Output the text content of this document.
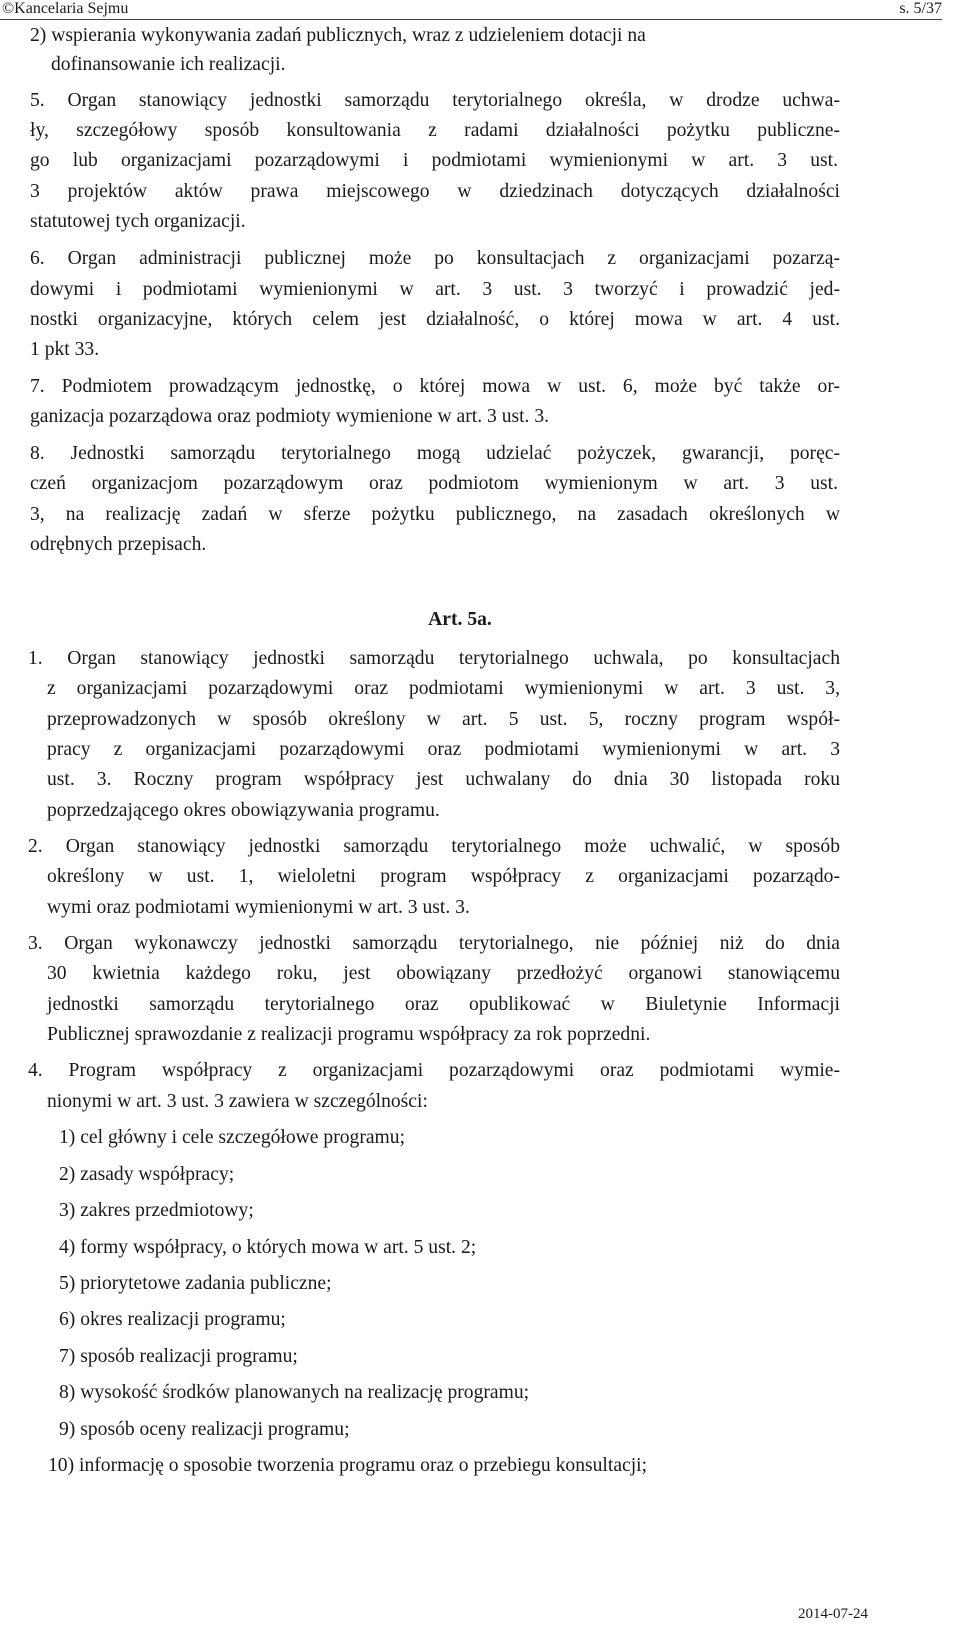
©Kancelaria Sejmu	s. 5/37
2) wspierania wykonywania zadań publicznych, wraz z udzieleniem dotacji na
dofinansowanie ich realizacji.
5. Organ stanowiący jednostki samorządu terytorialnego określa, w drodze uchwa-
ły, szczegółowy sposób konsultowania z radami działalności pożytku publiczne-
go lub organizacjami pozarządowymi i podmiotami wymienionymi w art. 3 ust.
3 projektów aktów prawa miejscowego w dziedzinach dotyczących działalności
statutowej tych organizacji.
6. Organ administracji publicznej może po konsultacjach z organizacjami pozarzą-
dowymi i podmiotami wymienionymi w art. 3 ust. 3 tworzyć i prowadzić jed-
nostki organizacyjne, których celem jest działalność, o której mowa w art. 4 ust.
1 pkt 33.
7. Podmiotem prowadzącym jednostkę, o której mowa w ust. 6, może być także or-
ganizacja pozarządowa oraz podmioty wymienione w art. 3 ust. 3.
8. Jednostki samorządu terytorialnego mogą udzielać pożyczek, gwarancji, poręc-
czeń organizacjom pozarządowym oraz podmiotom wymienionym w art. 3 ust.
3, na realizację zadań w sferze pożytku publicznego, na zasadach określonych w
odrębnych przepisach.
Art. 5a.
1. Organ stanowiący jednostki samorządu terytorialnego uchwala, po konsultacjach
z organizacjami pozarządowymi oraz podmiotami wymienionymi w art. 3 ust. 3,
przeprowadzonych w sposób określony w art. 5 ust. 5, roczny program współ-
pracy z organizacjami pozarządowymi oraz podmiotami wymienionymi w art. 3
ust. 3. Roczny program współpracy jest uchwalany do dnia 30 listopada roku
poprzedzającego okres obowiązywania programu.
2. Organ stanowiący jednostki samorządu terytorialnego może uchwalić, w sposób
określony w ust. 1, wieloletni program współpracy z organizacjami pozarządo-
wymi oraz podmiotami wymienionymi w art. 3 ust. 3.
3. Organ wykonawczy jednostki samorządu terytorialnego, nie później niż do dnia
30 kwietnia każdego roku, jest obowiązany przedłożyć organowi stanowiącemu
jednostki samorządu terytorialnego oraz opublikować w Biuletynie Informacji
Publicznej sprawozdanie z realizacji programu współpracy za rok poprzedni.
4. Program współpracy z organizacjami pozarządowymi oraz podmiotami wymie-
nionymi w art. 3 ust. 3 zawiera w szczególności:
1) cel główny i cele szczegółowe programu;
2) zasady współpracy;
3) zakres przedmiotowy;
4) formy współpracy, o których mowa w art. 5 ust. 2;
5) priorytetowe zadania publiczne;
6) okres realizacji programu;
7) sposób realizacji programu;
8) wysokość środków planowanych na realizację programu;
9) sposób oceny realizacji programu;
10) informację o sposobie tworzenia programu oraz o przebiegu konsultacji;
2014-07-24
